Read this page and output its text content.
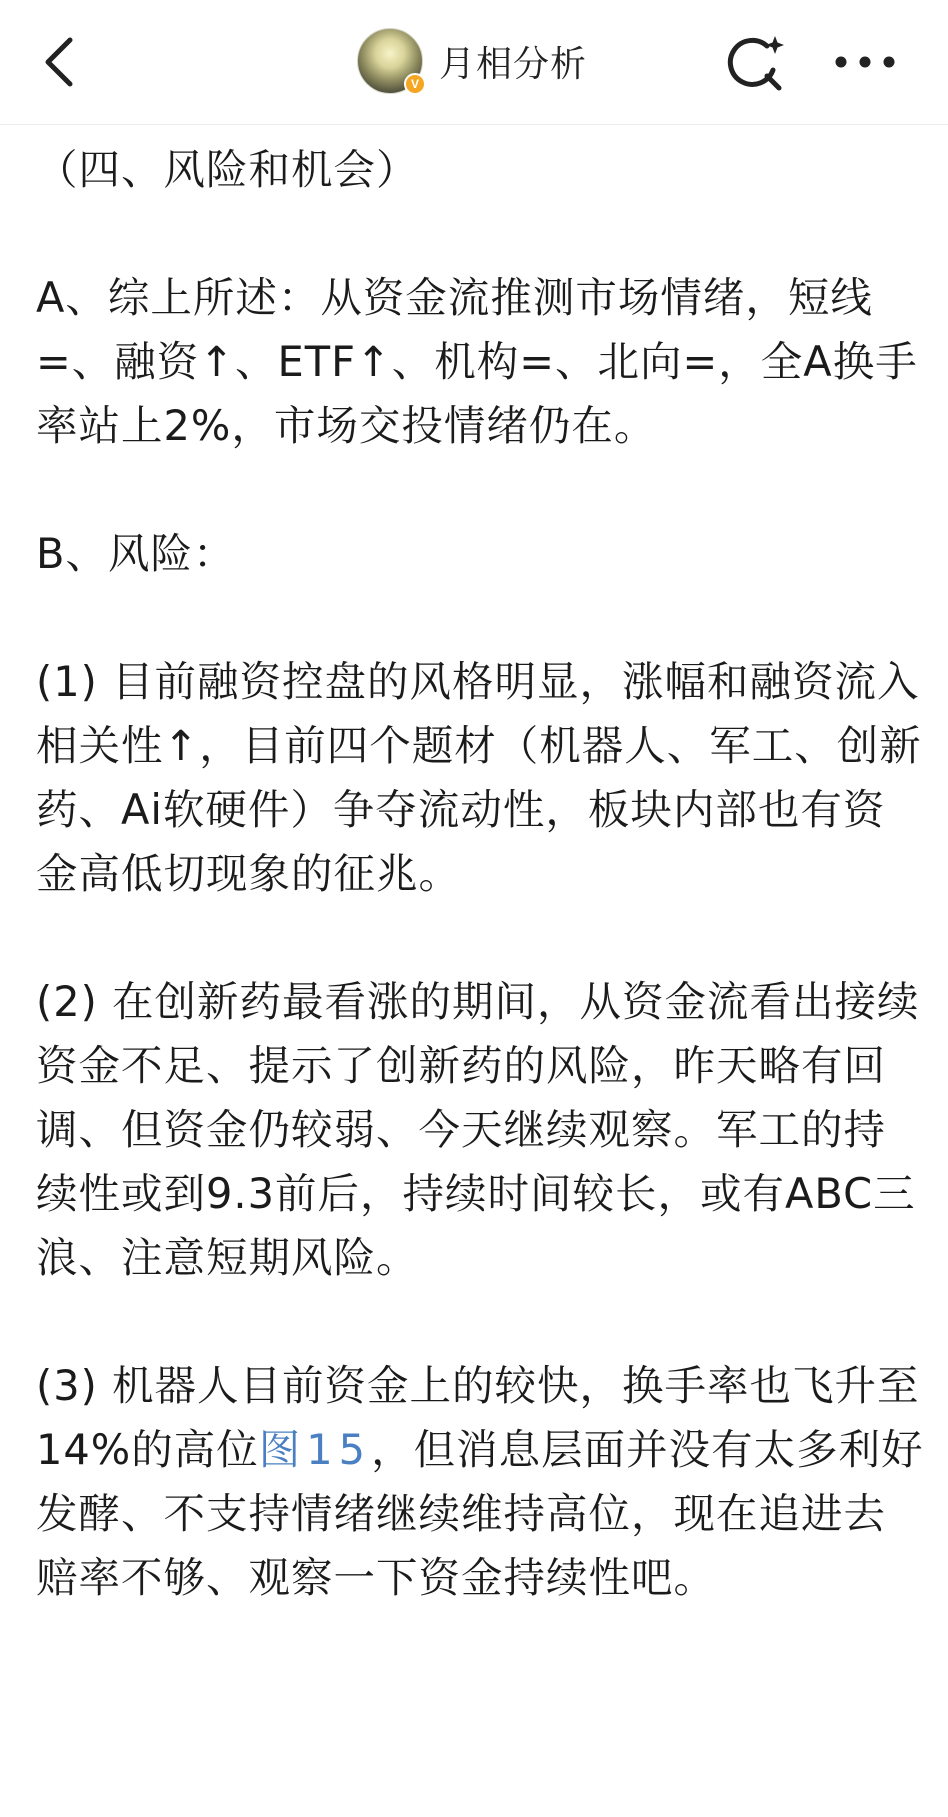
V 月相分析

（四、风险和机会）

A、综上所述：从资金流推测市场情绪，短线=、融资↑、ETF↑、机构=、北向=，全A换手率站上2%，市场交投情绪仍在。

B、风险：

(1) 目前融资控盘的风格明显，涨幅和融资流入相关性↑，目前四个题材（机器人、军工、创新药、Ai软硬件）争夺流动性，板块内部也有资金高低切现象的征兆。

(2) 在创新药最看涨的期间，从资金流看出接续资金不足、提示了创新药的风险，昨天略有回调、但资金仍较弱、今天继续观察。军工的持续性或到9.3前后，持续时间较长，或有ABC三浪、注意短期风险。

(3) 机器人目前资金上的较快，换手率也飞升至14%的高位图15，但消息层面并没有太多利好发酵、不支持情绪继续维持高位，现在追进去赔率不够、观察一下资金持续性吧。
